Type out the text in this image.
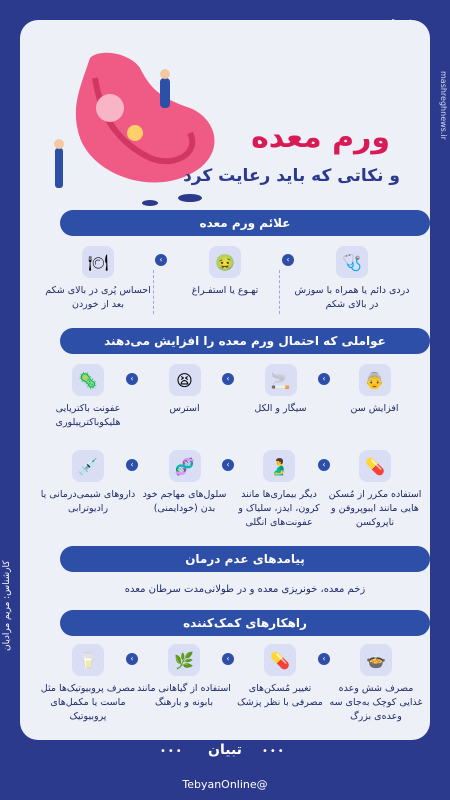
mashreghnews.ir
کارشناس: مریم مرادیان
ورم معده
و نکاتی که باید رعایت کرد
علائم ورم معده
🩺
دردی دائم یا همراه با سوزش در بالای شکم
›
🤢
تهـوع یا استفـراغ
›
🍽
احساس پُری در بالای شکم بعد از خوردن
عواملی که احتمال ورم معده را افزایش می‌دهند
👵
افزایش سن
›
🚬
سیگار و الکل
›
😫
استرس
›
🦠
عفونت باکتریایی هلیکوباکترپیلوری
💊
استفاده مکرر از مُسکن هایی مانند ایبوپروفن و ناپروکسن
›
🫃
دیگر بیماری‌ها مانند کرون، ایدز، سلیاک و عفونت‌های انگلی
›
🧬
سلول‌های مهاجم خود بدن (خودایمنی)
›
💉
داروهای شیمی‌درمانی یا رادیوترابی
پیامدهای عدم درمان
زخم معده، خونریزی معده و در طولانی‌مدت سرطان معده
راهکارهای کمک‌کننده
🍲
مصرف شش وعده غذایی کوچک به‌جای سه وعده‌ی بزرگ
›
💊
تغییر مُسکن‌های مصرفی با نظر پزشک
›
🌿
استفاده از گیاهانی مانند بابونه و بارهنگ
›
🥛
مصرف پروبیوتیک‌ها مثل ماست یا مکمل‌های پروبیوتیک
•••	تبیان	•••
@TebyanOnline
